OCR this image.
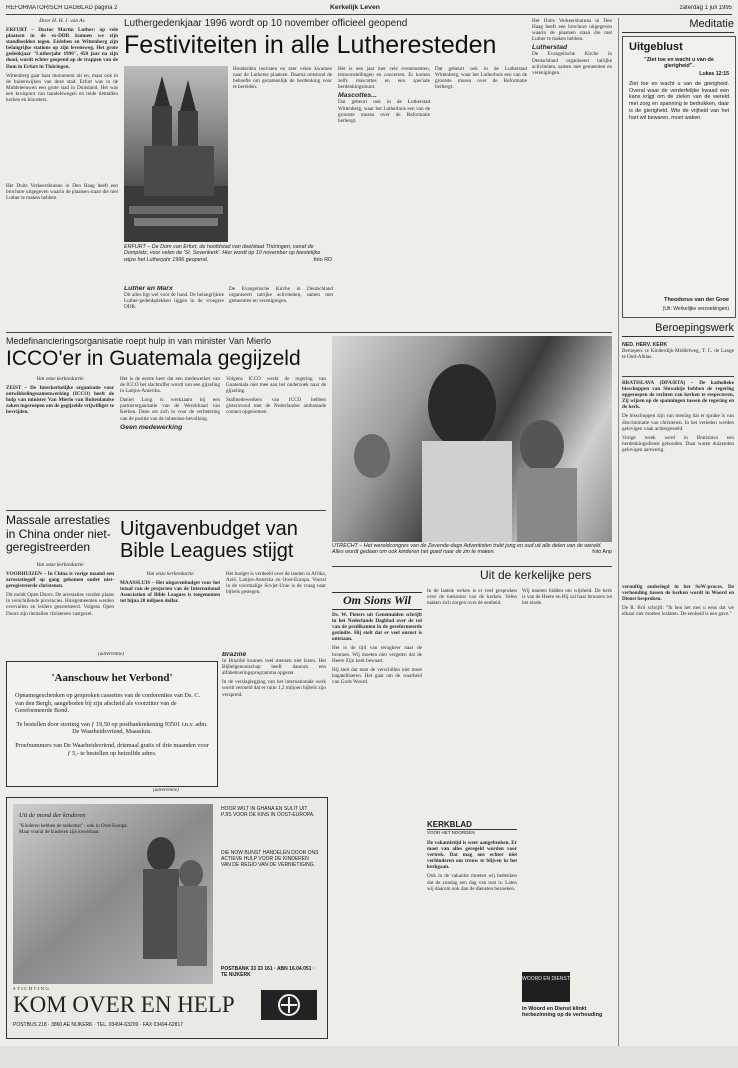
REFORMATORISCH DAGBLAD pagina 2	Kerkelijk Leven	zaterdag 1 juli 1995
Door H. H. J. van As
ERFURT – Doctor Martin Luther: op vele plaatsen in de ex-DDR kunnen we zijn standbeelden tegen. Eisleben en Wittenberg zijn belangrijke stations op zijn levensweg. Het grote gedenkjaar "Lutherjahr 1996", 450 jaar na zijn dood, wordt echter geopend op de trappen van de Dom in Erfurt in Thüringen.

Wittenberg gaat haar monument uit en, maar ook in de buitenwijken van deze stad. Erfurt was in de Middeleeuwen een grote stad in Duitsland. Het was een kruispunt van handelswegen en telde tientallen kerken en kloosters.

Het Duits Verkeersbureau in Den Haag heeft een brochure uitgegeven waarin de plaatsen staan die met Luther te maken hebben.

Luthergedenkjaar 1996 wordt op 10 november officieel geopend
Festiviteiten in alle Lutheresteden
ERFURT – De Dom van Erfurt, de hoofdstad van deelstaat Thüringen, vanaf de Domplatz, voor velen de 'St. Severikerk'. Hier wordt op 10 november op feestelijke wijze het Lutherjahr 1996 geopend.	foto RD

Honderden toeristen en zeer velen kwamen naar de Lutherse plaatsen. Daarna ontstond de behoefte om gezamenlijk de herdenking voor te bereiden.

Luther en Marx

Dit alles ligt wel voor de hand. De belangrijkste Luther-gedenkplekken liggen in de vroegere DDR.

De Evangelische Kirche in Deutschland organiseert talrijke activiteiten, samen met gemeenten en verenigingen.

Het is een jaar met vele evenementen, tentoonstellingen en concerten. Er komen zelfs mascottes en een speciale herdenkingsmunt.

Mascottes...

Dat gebeurt ook in de Lutherstad Wittenberg, waar het Lutherhuis een van de grootste musea over de Reformatie herbergt.

Dat gebeurt ook in de Lutherstad Wittenberg, waar het Lutherhuis een van de grootste musea over de Reformatie herbergt.

Het Duits Verkeersbureau in Den Haag heeft een brochure uitgegeven waarin de plaatsen staan die met Luther te maken hebben.

Lutherstad

De Evangelische Kirche in Deutschland organiseert talrijke activiteiten, samen met gemeenten en verenigingen.

Medefinancieringsorganisatie roept hulp in van minister Van Mierlo
ICCO'er in Guatemala gegijzeld
Van onze kerkredactie
ZEIST – De Interkerkelijke organisatie voor ontwikkelingssamenwerking (ICCO) heeft de hulp van minister Van Mierlo van Buitenlandse zaken ingeroepen om de gegijzelde vrijwilliger te bevrijden.

Het is de eerste keer dat een medewerker van de ICCO het slachtoffer wordt van een gijzeling in Latijns-Amerika.

Daniel Long is werkzaam bij een partnerorganisatie van de Wereldraad van Kerken. Deze zet zich in voor de verbetering van de positie van de inheemse bevolking.

Geen medewerking

Volgens ICCO werkt de regering van Guatemala niet mee aan het onderzoek naar de gijzeling.

Stafmedewerkers van ICCO hebben gisteravond met de Nederlandse ambassade contact opgenomen.

UTRECHT – Het wereldcongres van de Zevende-dags Adventisten trekt jong en oud uit alle delen van de wereld. Alles wordt gedaan om ook kinderen het goed naar de zin te maken.	foto Anp
Massale arrestaties in China onder niet-geregistreerden
Van onze kerkredactie
VOORHUIZEN – In China is vorige maand een arrestatiegolf op gang gekomen onder niet-geregistreerde christenen.

Dit meldt Open Doors. De arrestaties vonden plaats in verschillende provincies. Huisgemeenten werden overvallen en leiders gearresteerd. Volgens Open Doors zijn tientallen christenen vastgezet.

Uitgavenbudget van Bible Leagues stijgt
Van onze kerkredactie
MAASSLUIS – Het uitgavenbudget voor het totaal van de projecten van de International Association of Bible Leagues is toegenomen tot bijna 20 miljoen dollar.

Het budget is verdeeld over de landen in Afrika, Azië, Latijns-Amerika en Oost-Europa. Vooral in de voormalige Sovjet-Unie is de vraag naar bijbels gestegen.

(advertentie)
'Aanschouw het Verbond'
Opnamegeschenken op gesproken cassettes van de conferenties van Ds. C. van den Bergh, aangeboden bij zijn afscheid als voorzitter van de Gereformeerde Bond.
Te bestellen door storting van ƒ 19,50 op postbankrekening 93501 t.n.v. adm. De Waarheidsvriend, Maassluis.
Proefnummers van De Waarheidsvriend, driemaal gratis of drie maanden voor ƒ 5,- te bestellen op hetzelfde adres.
Brazilië

In Brazilië kunnen veel mensen niet lezen. Het Bijbelgenootschap heeft daarom een alfabetiseringsprogramma opgezet.

In de verslaglegging van het internationale werk wordt vermeld dat er ruim 1,2 miljoen bijbels zijn verspreid.

(advertentie)
Uit de mond der kinderen
"Kinderen hebben de toekomst" - ook in Oost-Europa. Maar vooral de kinderen zijn kwetsbaar.
HOOR WILT IN GHANA EN SULIT UIT PJIS VOOR DE KINS IN OOST-EUROPA.
DIE NOW BUNST HANDELEN DOOR ONS ACTIEVE HULP VOOR DE KINDEREN VAN DE REGIO VAN DE VERNIETIGING.
POSTBANK 33 33 161 · ABN 16.04.051 · TE NIJKERK
STICHTING
KOM OVER EN HELP
POSTBUS 218 · 3860 AE NIJKERK · TEL. 03494-63209 · FAX 03494-62817
Uit de kerkelijke pers
Om Sions Wil

Ds. W. Pieters uit Genemuiden schrijft in het Nederlands Dagblad over de rol van de predikanten in de gereformeerde gezindte. Hij stelt dat er veel onrust is ontstaan.

Het is de tijd van terugkeer naar de bronnen. Wij moeten niet vergeten dat de Heere Zijn kerk bewaart.

Hij stelt dat men de verschillen niet moet bagatelliseren. Het gaat om de waarheid van Gods Woord.

In de laatste weken is er veel gesproken over de toekomst van de kerken. Velen maken zich zorgen over de eenheid.

KERKBLAD
VOOR HET NOORDEN

De vakantietijd is weer aangebroken. Er moet van alles geregeld worden voor vertrek. Dat mag ons echter niet verhinderen om trouw te blijven in het kerkgaan.

Ook in de vakantie moeten wij bedenken dat de zondag een dag van rust is. Laten wij daarom ook dan de diensten bezoeken.

Wij moeten bidden om wijsheid. De kerk is van de Heere en Hij zal haar bewaren tot het einde.

WOORD EN DIENST
In Woord en Dienst klinkt herbezinning op de verhouding
Meditatie
Uitgeblust
"Ziet toe en wacht u van de gierigheid".
Lukas 12:15
Ziet toe en wacht u van de gierigheid. Overal waar de verderfelijke kwaad een kans krijgt om de zielen van de wereld met zorg en spanning te bedrukken, daar is de gierigheid. Wie de vrijheid van het hart wil bewaren, moet waken.
Theodorus van der Groe
(Uit: Werkelijke verzoekingen)
Beroepingswerk
NED. HERV. KERK
Beroepen: te Kinderdijk-Middelweg, T. C. de Lange te Oud-Alblas.

BRATISLAVA (DPA/RTA) – De katholieke bisschoppen van Slowakije hebben de regering opgeroepen de rechten van kerken te respecteren. Zij wijzen op de spanningen tussen de regering en de kerk.

De bisschoppen zijn van mening dat er sprake is van discriminatie van christenen. In het verleden werden gelovigen vaak achtergesteld.

Vorige week werd in Bratislava een herdenkingsdienst gehouden. Daar waren duizenden gelovigen aanwezig.

vernuftig onderlegd in het SoW-proces. De verhouding tussen de kerken wordt in Woord en Dienst besproken.

De R. Bril schrijft: "Ik ben het met u eens dat we elkaar niet moeten loslaten. De eenheid is een gave."
